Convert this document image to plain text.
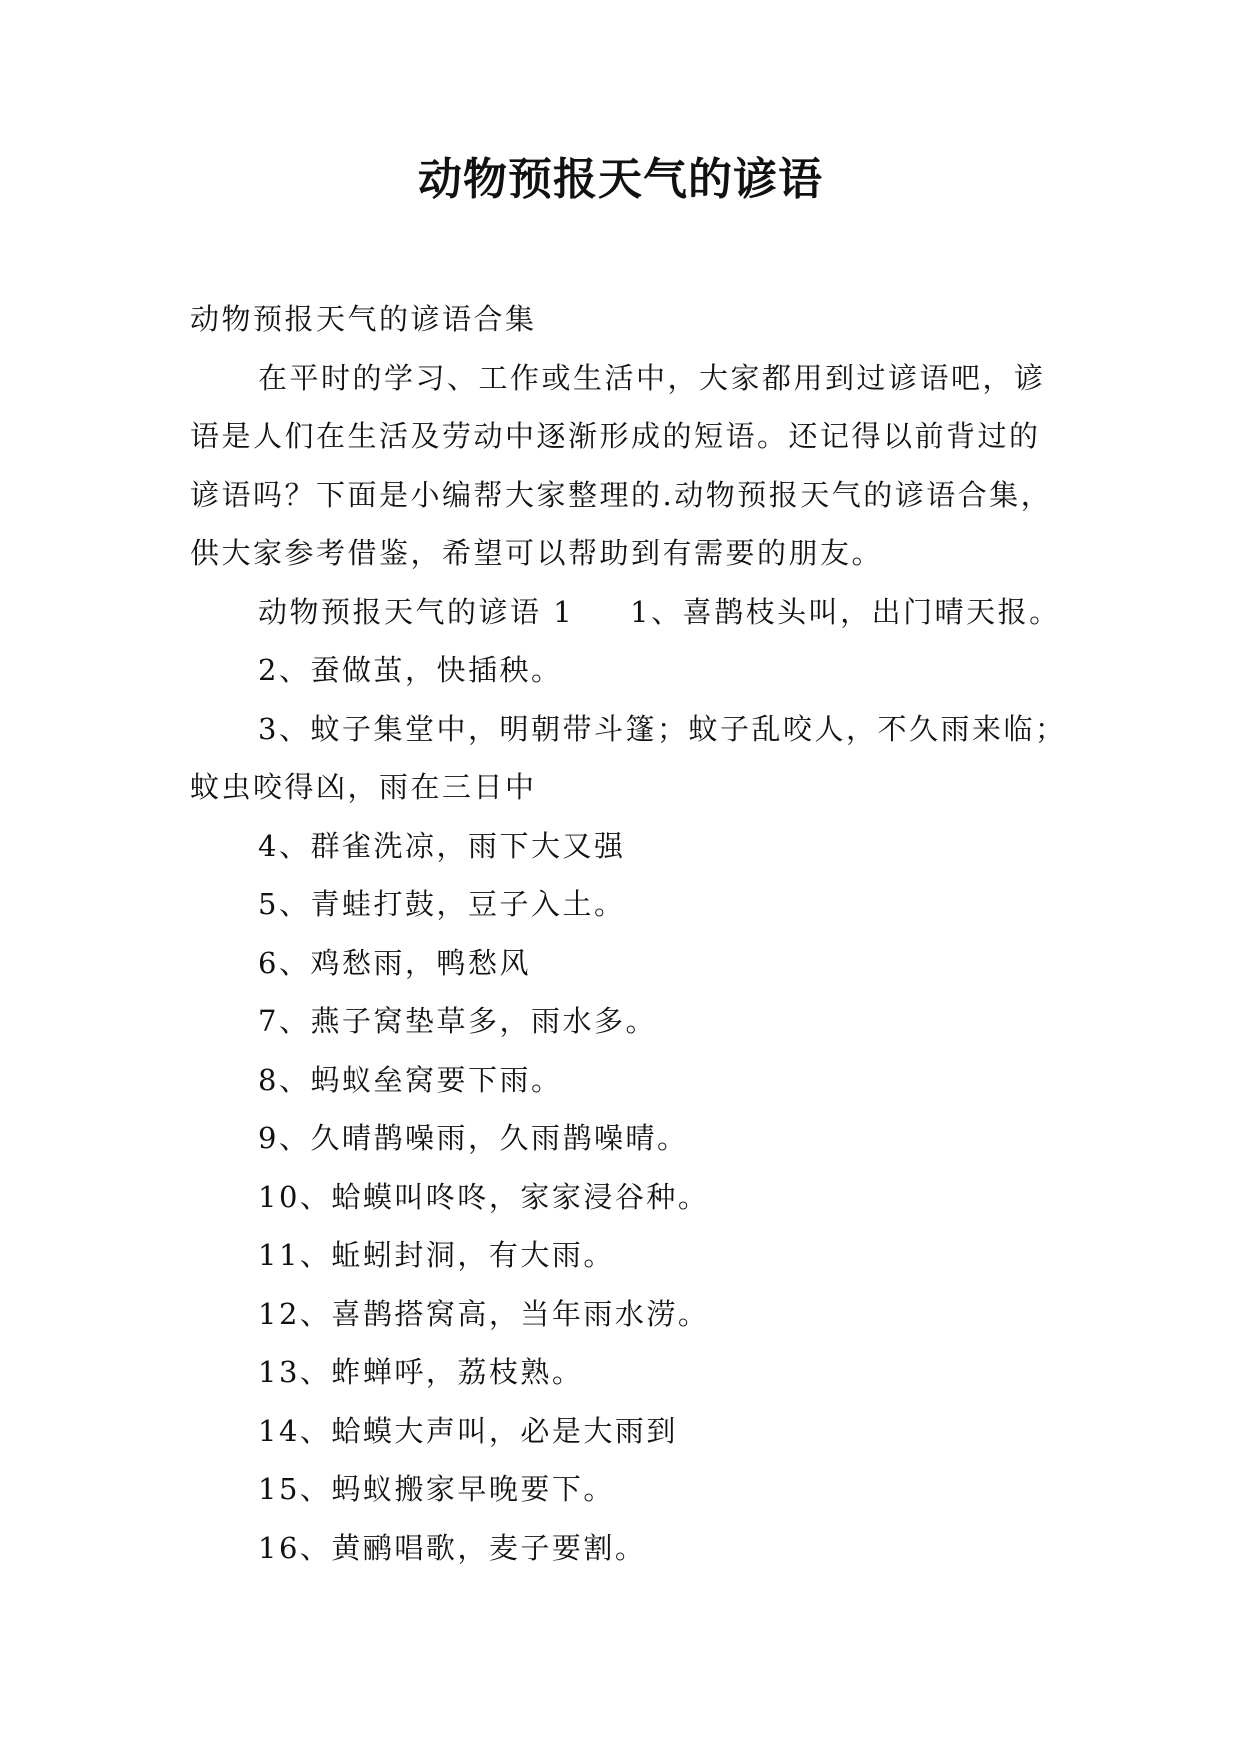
动物预报天气的谚语

动物预报天气的谚语合集

在平时的学习、工作或生活中，大家都用到过谚语吧，谚语是人们在生活及劳动中逐渐形成的短语。还记得以前背过的谚语吗？下面是小编帮大家整理的.动物预报天气的谚语合集，供大家参考借鉴，希望可以帮助到有需要的朋友。

动物预报天气的谚语 1 1、喜鹊枝头叫，出门晴天报。

2、蚕做茧，快插秧。

3、蚊子集堂中，明朝带斗篷；蚊子乱咬人，不久雨来临；蚊虫咬得凶，雨在三日中

4、群雀洗凉，雨下大又强

5、青蛙打鼓，豆子入土。

6、鸡愁雨，鸭愁风

7、燕子窝垫草多，雨水多。

8、蚂蚁垒窝要下雨。

9、久晴鹊噪雨，久雨鹊噪晴。

10、蛤蟆叫咚咚，家家浸谷种。

11、蚯蚓封洞，有大雨。

12、喜鹊搭窝高，当年雨水涝。

13、蚱蝉呼，荔枝熟。

14、蛤蟆大声叫，必是大雨到

15、蚂蚁搬家早晚要下。

16、黄鹂唱歌，麦子要割。
